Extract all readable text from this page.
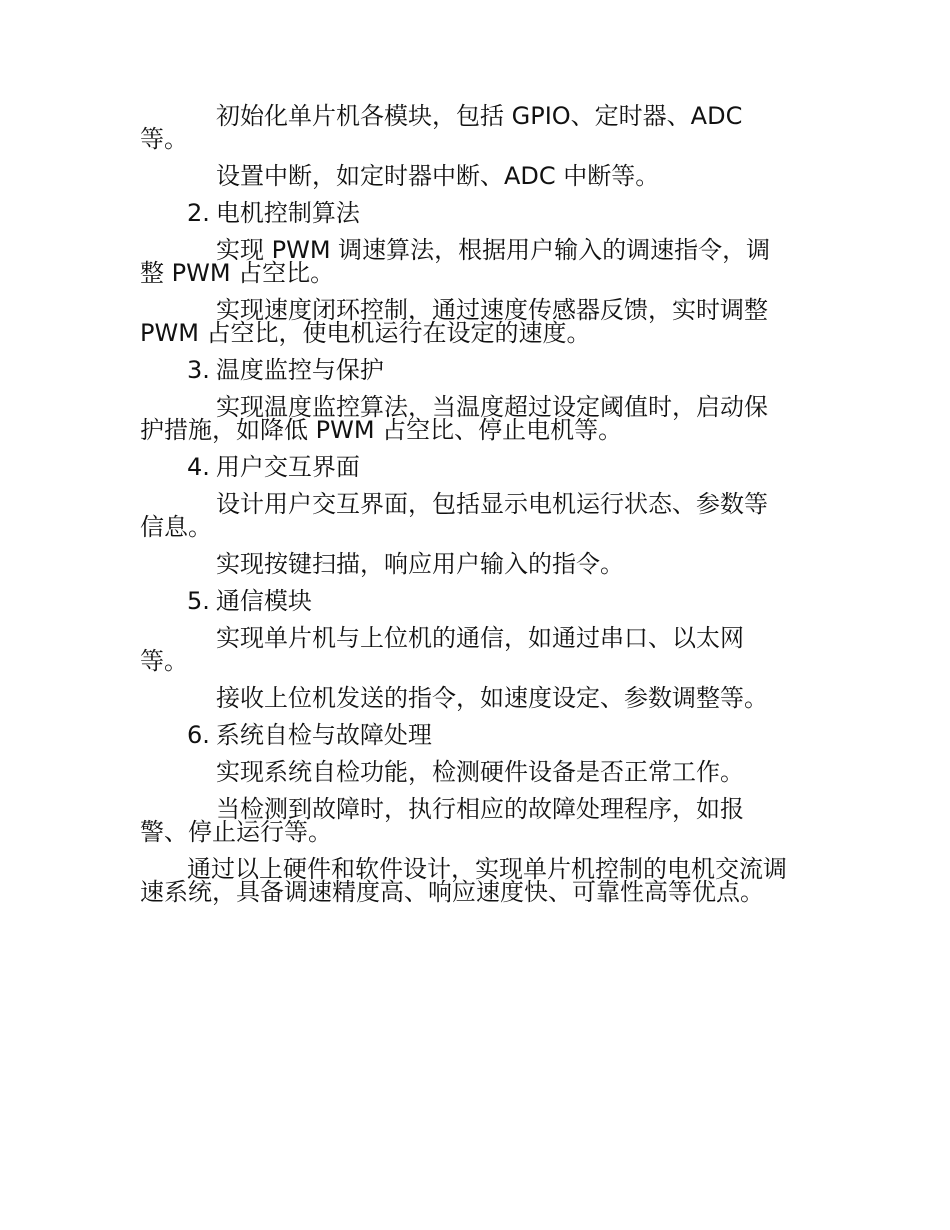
初始化单片机各模块，包括 GPIO、定时器、ADC 等。

设置中断，如定时器中断、ADC 中断等。

2. 电机控制算法

实现 PWM 调速算法，根据用户输入的调速指令，调整 PWM 占空比。

实现速度闭环控制，通过速度传感器反馈，实时调整 PWM 占空比，使电机运行在设定的速度。

3. 温度监控与保护

实现温度监控算法，当温度超过设定阈值时，启动保护措施，如降低 PWM 占空比、停止电机等。

4. 用户交互界面

设计用户交互界面，包括显示电机运行状态、参数等信息。

实现按键扫描，响应用户输入的指令。

5. 通信模块

实现单片机与上位机的通信，如通过串口、以太网等。

接收上位机发送的指令，如速度设定、参数调整等。

6. 系统自检与故障处理

实现系统自检功能，检测硬件设备是否正常工作。

当检测到故障时，执行相应的故障处理程序，如报警、停止运行等。

通过以上硬件和软件设计，实现单片机控制的电机交流调速系统，具备调速精度高、响应速度快、可靠性高等优点。
